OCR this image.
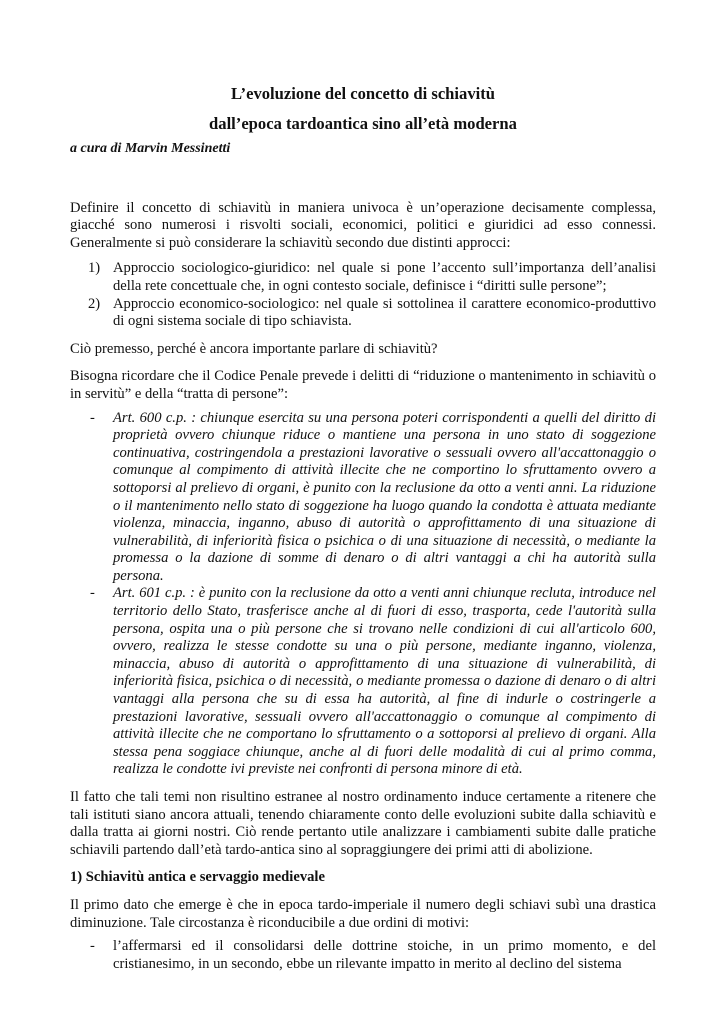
L’evoluzione del concetto di schiavitù

dall’epoca tardoantica sino all’età moderna

a cura di Marvin Messinetti

Definire il concetto di schiavitù in maniera univoca è un’operazione decisamente complessa, giacché sono numerosi i risvolti sociali, economici, politici e giuridici ad esso connessi. Generalmente si può considerare la schiavitù secondo due distinti approcci:

1) Approccio sociologico-giuridico: nel quale si pone l’accento sull’importanza dell’analisi della rete concettuale che, in ogni contesto sociale, definisce i “diritti sulle persone”;
2) Approccio economico-sociologico: nel quale si sottolinea il carattere economico-produttivo di ogni sistema sociale di tipo schiavista.

Ciò premesso, perché è ancora importante parlare di schiavitù?

Bisogna ricordare che il Codice Penale prevede i delitti di “riduzione o mantenimento in schiavitù o in servitù” e della “tratta di persone”:

- Art. 600 c.p. : chiunque esercita su una persona poteri corrispondenti a quelli del diritto di proprietà ovvero chiunque riduce o mantiene una persona in uno stato di soggezione continuativa, costringendola a prestazioni lavorative o sessuali ovvero all'accattonaggio o comunque al compimento di attività illecite che ne comportino lo sfruttamento ovvero a sottoporsi al prelievo di organi, è punito con la reclusione da otto a venti anni. La riduzione o il mantenimento nello stato di soggezione ha luogo quando la condotta è attuata mediante violenza, minaccia, inganno, abuso di autorità o approfittamento di una situazione di vulnerabilità, di inferiorità fisica o psichica o di una situazione di necessità, o mediante la promessa o la dazione di somme di denaro o di altri vantaggi a chi ha autorità sulla persona.
- Art. 601 c.p. : è punito con la reclusione da otto a venti anni chiunque recluta, introduce nel territorio dello Stato, trasferisce anche al di fuori di esso, trasporta, cede l'autorità sulla persona, ospita una o più persone che si trovano nelle condizioni di cui all'articolo 600, ovvero, realizza le stesse condotte su una o più persone, mediante inganno, violenza, minaccia, abuso di autorità o approfittamento di una situazione di vulnerabilità, di inferiorità fisica, psichica o di necessità, o mediante promessa o dazione di denaro o di altri vantaggi alla persona che su di essa ha autorità, al fine di indurle o costringerle a prestazioni lavorative, sessuali ovvero all'accattonaggio o comunque al compimento di attività illecite che ne comportano lo sfruttamento o a sottoporsi al prelievo di organi. Alla stessa pena soggiace chiunque, anche al di fuori delle modalità di cui al primo comma, realizza le condotte ivi previste nei confronti di persona minore di età.

Il fatto che tali temi non risultino estranee al nostro ordinamento induce certamente a ritenere che tali istituti siano ancora attuali, tenendo chiaramente conto delle evoluzioni subite dalla schiavitù e dalla tratta ai giorni nostri. Ciò rende pertanto utile analizzare i cambiamenti subite dalle pratiche schiavili partendo dall’età tardo-antica sino al sopraggiungere dei primi atti di abolizione.

1) Schiavitù antica e servaggio medievale

Il primo dato che emerge è che in epoca tardo-imperiale il numero degli schiavi subì una drastica diminuzione. Tale circostanza è riconducibile a due ordini di motivi:

- l’affermarsi ed il consolidarsi delle dottrine stoiche, in un primo momento, e del cristianesimo, in un secondo, ebbe un rilevante impatto in merito al declino del sistema
